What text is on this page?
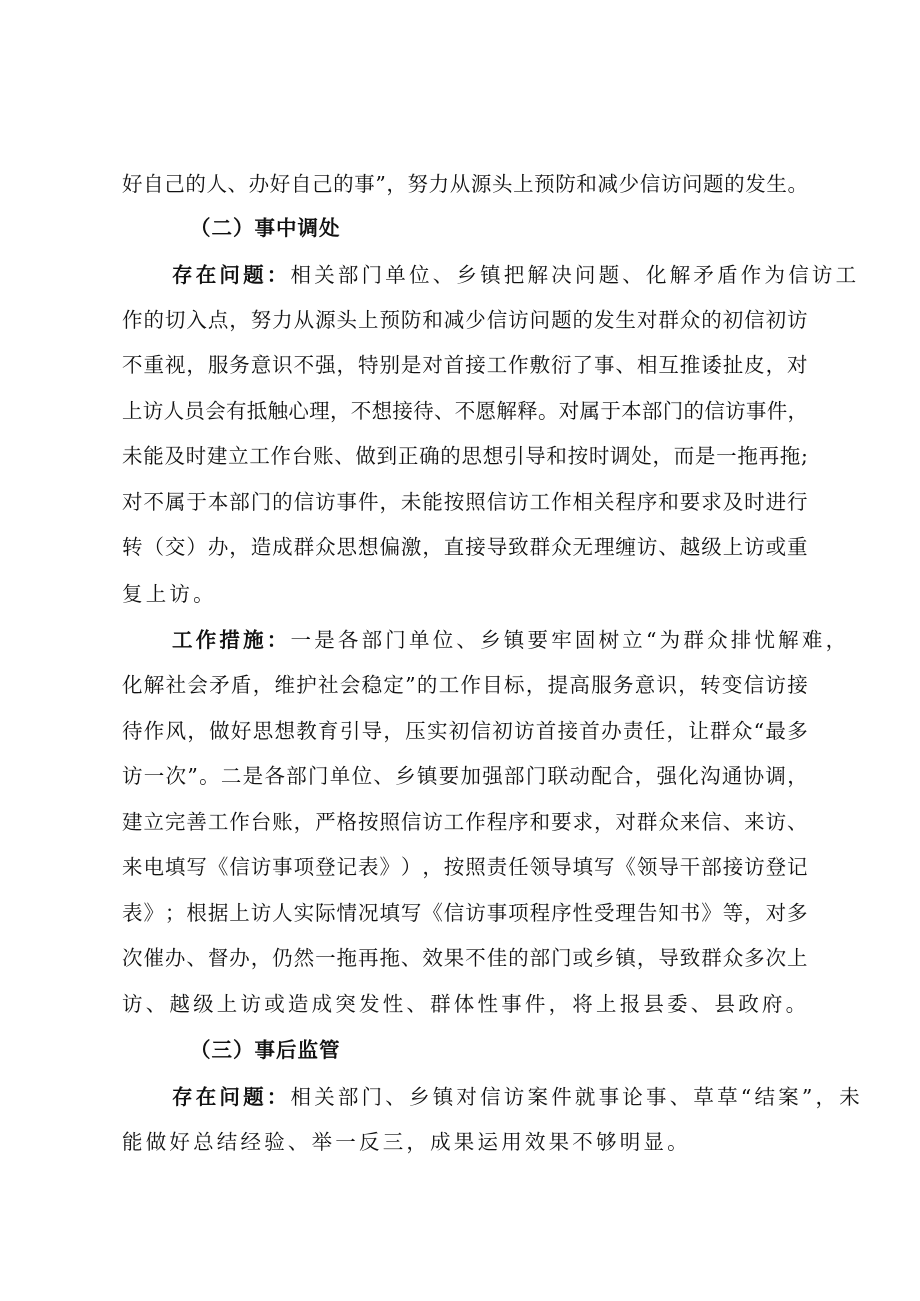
好 自 己 的 人 、 办 好 自 己 的 事 ” ， 努 力 从 源 头 上 预 防 和 减 少 信 访 问 题 的 发 生 。
（二）事中调处
存在问题： 相关部门单位、乡镇把解决问题、化解矛盾作为信访工
作 的 切 入 点 ， 努 力 从 源 头 上 预 防 和 减 少 信 访 问 题 的 发 生 对 群 众 的 初 信 初 访
不 重 视 ， 服 务 意 识 不 强 ， 特 别 是 对 首 接 工 作 敷 衍 了 事 、 相 互 推 诿 扯 皮 ， 对
上 访 人 员 会 有 抵 触 心 理 ， 不 想 接 待 、 不 愿 解 释 。 对 属 于 本 部 门 的 信 访 事 件 ，
未 能 及 时 建 立 工 作 台 账 、 做 到 正 确 的 思 想 引 导 和 按 时 调 处 ， 而 是 一 拖 再 拖 ;
对 不 属 于 本 部 门 的 信 访 事 件 ， 未 能 按 照 信 访 工 作 相 关 程 序 和 要 求 及 时 进 行
转 （ 交 ） 办 ， 造 成 群 众 思 想 偏 激 ， 直 接 导 致 群 众 无 理 缠 访 、 越 级 上 访 或 重
复上访。
工作措施： 一是各部门单位、乡镇要牢固树立“为群众排忧解难，
化 解 社 会 矛 盾 ， 维 护 社 会 稳 定 ” 的 工 作 目 标 ， 提 高 服 务 意 识 ， 转 变 信 访 接
待 作 风 ， 做 好 思 想 教 育 引 导 ， 压 实 初 信 初 访 首 接 首 办 责 任 ， 让 群 众 “ 最 多
访 一 次 ” 。 二 是 各 部 门 单 位 、 乡 镇 要 加 强 部 门 联 动 配 合 ， 强 化 沟 通 协 调 ，
建 立 完 善 工 作 台 账 ， 严 格 按 照 信 访 工 作 程 序 和 要 求 ， 对 群 众 来 信 、 来 访 、
来 电 填 写 《 信 访 事 项 登 记 表 》 ） ， 按 照 责 任 领 导 填 写 《 领 导 干 部 接 访 登 记
表 》 ； 根 据 上 访 人 实 际 情 况 填 写 《 信 访 事 项 程 序 性 受 理 告 知 书 》 等 ， 对 多
次 催 办 、 督 办 ， 仍 然 一 拖 再 拖 、 效 果 不 佳 的 部 门 或 乡 镇 ， 导 致 群 众 多 次 上
访、越级上访或造成突发性、群体性事件，将上报县委、县政府。
（三）事后监管
存在问题： 相关部门、乡镇对信访案件就事论事、草草“结案”，未
能做好总结经验、举一反三，成果运用效果不够明显。
